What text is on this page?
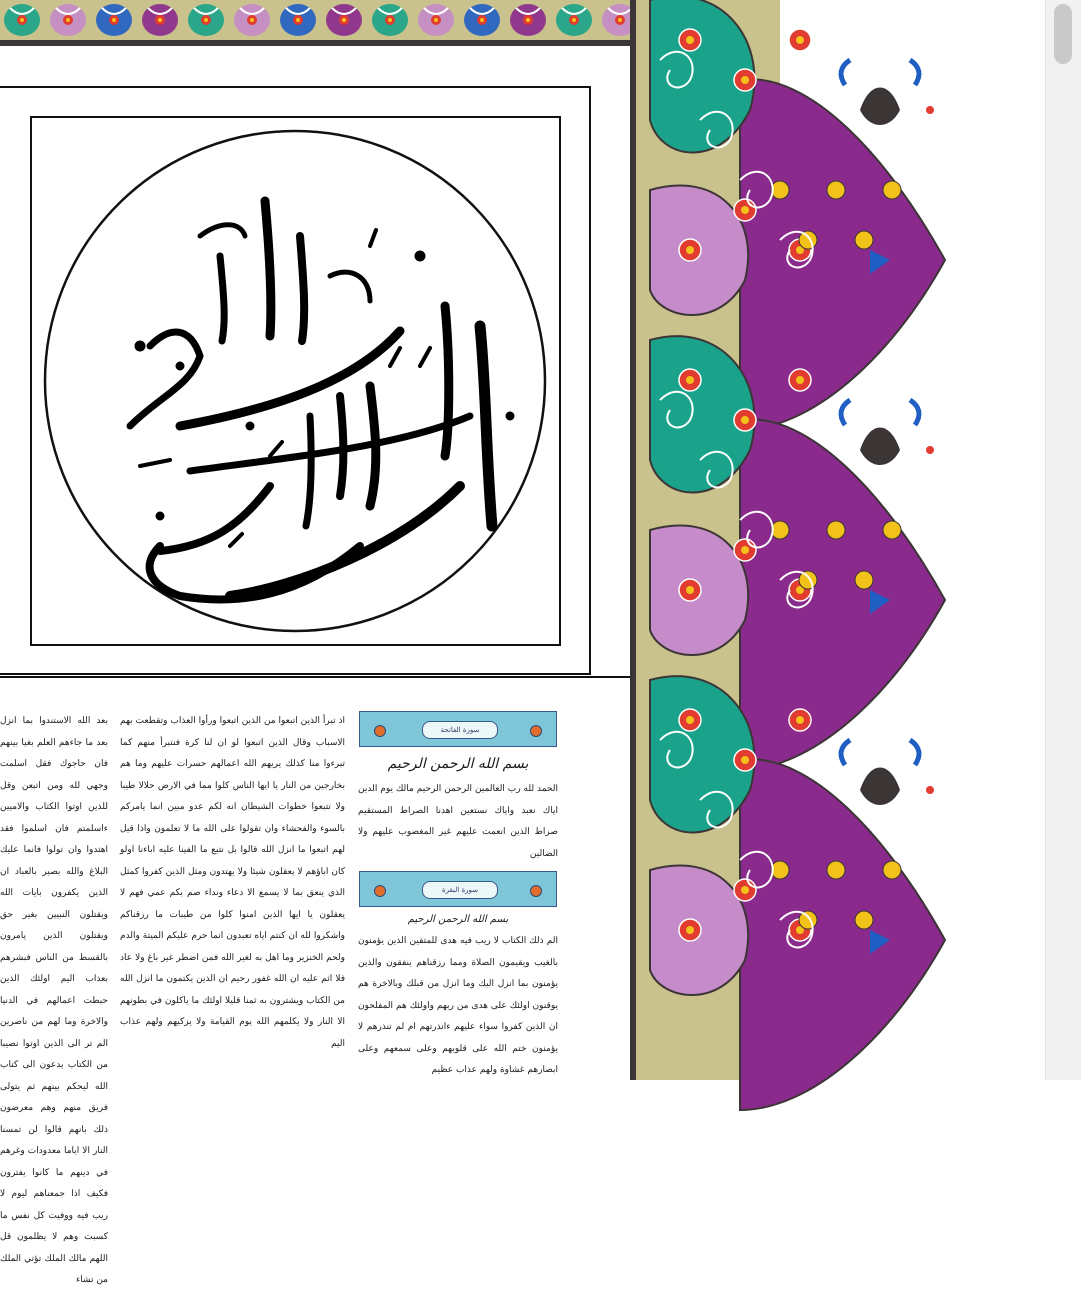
بعد الله الاستندوا بما انزل بعد ما جاءهم العلم بغيا بينهم فان حاجوك فقل اسلمت وجهي لله ومن اتبعن وقل للذين اوتوا الكتاب والاميين ءاسلمتم فان اسلموا فقد اهتدوا وان تولوا فانما عليك البلاغ والله بصير بالعباد ان الذين يكفرون بايات الله ويقتلون النبيين بغير حق ويقتلون الذين يامرون بالقسط من الناس فبشرهم بعذاب اليم اولئك الذين حبطت اعمالهم في الدنيا والاخرة وما لهم من ناصرين الم تر الى الذين اوتوا نصيبا من الكتاب يدعون الى كتاب الله ليحكم بينهم ثم يتولى فريق منهم وهم معرضون ذلك بانهم قالوا لن تمسنا النار الا اياما معدودات وغرهم في دينهم ما كانوا يفترون فكيف اذا جمعناهم ليوم لا ريب فيه ووفيت كل نفس ما كسبت وهم لا يظلمون قل اللهم مالك الملك تؤتي الملك من تشاء

اذ تبرأ الذين اتبعوا من الذين اتبعوا ورأوا العذاب وتقطعت بهم الاسباب وقال الذين اتبعوا لو ان لنا كرة فنتبرأ منهم كما تبرءوا منا كذلك يريهم الله اعمالهم حسرات عليهم وما هم بخارجين من النار يا ايها الناس كلوا مما في الارض حلالا طيبا ولا تتبعوا خطوات الشيطان انه لكم عدو مبين انما يامركم بالسوء والفحشاء وان تقولوا على الله ما لا تعلمون واذا قيل لهم اتبعوا ما انزل الله قالوا بل نتبع ما الفينا عليه اباءنا اولو كان اباؤهم لا يعقلون شيئا ولا يهتدون ومثل الذين كفروا كمثل الذي ينعق بما لا يسمع الا دعاء ونداء صم بكم عمي فهم لا يعقلون يا ايها الذين امنوا كلوا من طيبات ما رزقناكم واشكروا لله ان كنتم اياه تعبدون انما حرم عليكم الميتة والدم ولحم الخنزير وما اهل به لغير الله فمن اضطر غير باغ ولا عاد فلا اثم عليه ان الله غفور رحيم ان الذين يكتمون ما انزل الله من الكتاب ويشترون به ثمنا قليلا اولئك ما ياكلون في بطونهم الا النار ولا يكلمهم الله يوم القيامة ولا يزكيهم ولهم عذاب اليم

سورة الفاتحة
بسم الله الرحمن الرحيم

الحمد لله رب العالمين الرحمن الرحيم مالك يوم الدين اياك نعبد واياك نستعين اهدنا الصراط المستقيم صراط الذين انعمت عليهم غير المغضوب عليهم ولا الضالين

سورة البقرة
بسم الله الرحمن الرحيم

الم ذلك الكتاب لا ريب فيه هدى للمتقين الذين يؤمنون بالغيب ويقيمون الصلاة ومما رزقناهم ينفقون والذين يؤمنون بما انزل اليك وما انزل من قبلك وبالاخرة هم يوقنون اولئك على هدى من ربهم واولئك هم المفلحون ان الذين كفروا سواء عليهم ءانذرتهم ام لم تنذرهم لا يؤمنون ختم الله على قلوبهم وعلى سمعهم وعلى ابصارهم غشاوة ولهم عذاب عظيم
